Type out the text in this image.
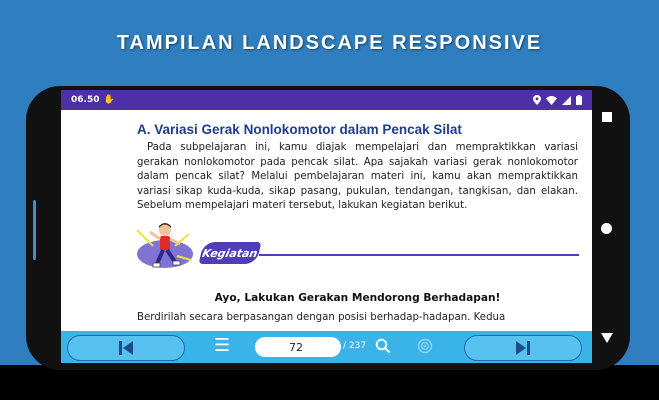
TAMPILAN LANDSCAPE RESPONSIVE
06.50 ✋
A. Variasi Gerak Nonlokomotor dalam Pencak Silat

Pada subpelajaran ini, kamu diajak mempelajari dan mempraktikkan variasi gerakan nonlokomotor pada pencak silat. Apa sajakah variasi gerak nonlokomotor dalam pencak silat? Melalui pembelajaran materi ini, kamu akan mempraktikkan variasi sikap kuda-kuda, sikap pasang, pukulan, tendangan, tangkisan, dan elakan. Sebelum mempelajari materi tersebut, lakukan kegiatan berikut.

Kegiatan
Ayo, Lakukan Gerakan Mendorong Berhadapan!
Berdirilah secara berpasangan dengan posisi berhadap-hadapan. Kedua
☰
72	/ 237
